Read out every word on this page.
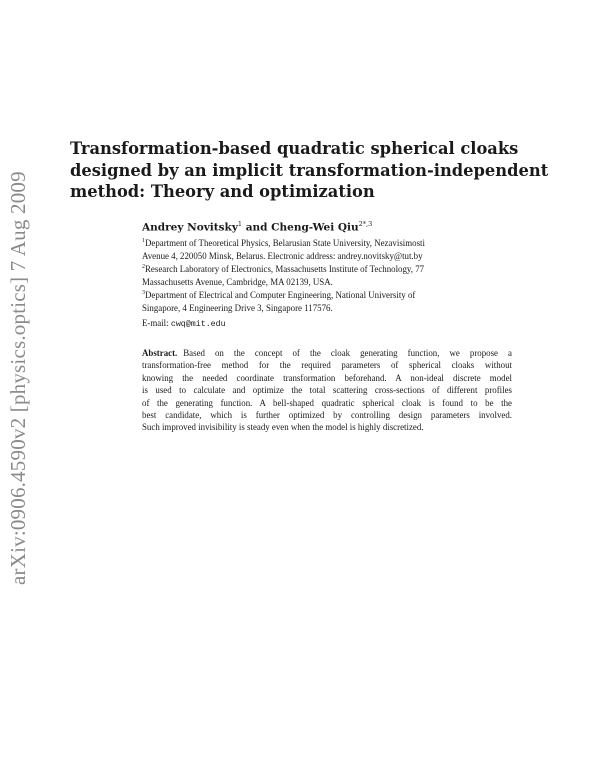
arXiv:0906.4590v2 [physics.optics] 7 Aug 2009
Transformation-based quadratic spherical cloaks
designed by an implicit transformation-independent
method: Theory and optimization
Andrey Novitsky$^1$ and Cheng-Wei Qiu$^{2*,3}$
$^1$Department of Theoretical Physics, Belarusian State University, Nezavisimosti
Avenue 4, 220050 Minsk, Belarus. Electronic address: andrey.novitsky@tut.by
$^2$Research Laboratory of Electronics, Massachusetts Institute of Technology, 77
Massachusetts Avenue, Cambridge, MA 02139, USA.
$^3$Department of Electrical and Computer Engineering, National University of
Singapore, 4 Engineering Drive 3, Singapore 117576.
E-mail: cwq@mit.edu
Abstract. Based on the concept of the cloak generating function, we propose a
transformation-free method for the required parameters of spherical cloaks without
knowing the needed coordinate transformation beforehand. A non-ideal discrete model
is used to calculate and optimize the total scattering cross-sections of different profiles
of the generating function. A bell-shaped quadratic spherical cloak is found to be the
best candidate, which is further optimized by controlling design parameters involved.
Such improved invisibility is steady even when the model is highly discretized.
